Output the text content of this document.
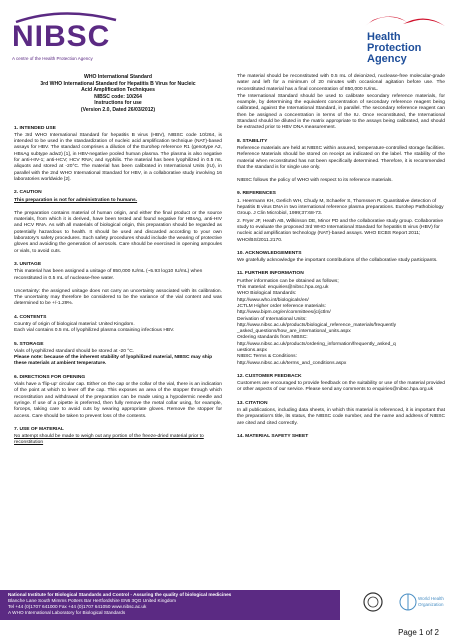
NIBSC
A centre of the Health Protection Agency
Health
Protection
Agency
WHO International Standard
3rd WHO International Standard for Hepatitis B Virus for Nucleic
Acid Amplification Techniques
NIBSC code: 10/264
Instructions for use
(Version 2.0, Dated 26/03/2012)
1. INTENDED USE

The 3rd WHO International Standard for hepatitis B virus (HBV), NIBSC code 10/264, is intended to be used in the standardization of nucleic acid amplification technique (NAT)-based assays for HBV. The standard comprises a dilution of the Eurohep reference R1 (genotype A2, HBsAg subtype adw2) [1], in HBV-negative pooled human plasma. The plasma is also negative for anti-HIV-1; anti-HCV; HCV RNA; and syphilis. The material has been lyophilized in 0.5 mL aliquots and stored at -20°C. The material has been calibrated in International Units (IU), in parallel with the 2nd WHO International Standard for HBV, in a collaborative study involving 16 laboratories worldwide [2].

2. CAUTION

This preparation is not for administration to humans.

The preparation contains material of human origin, and either the final product or the source materials, from which it is derived, have been tested and found negative for HBsAg, anti-HIV and HCV RNA. As with all materials of biological origin, this preparation should be regarded as potentially hazardous to health. It should be used and discarded according to your own laboratory's safety procedures. Such safety procedures should include the wearing of protective gloves and avoiding the generation of aerosols. Care should be exercised in opening ampoules or vials, to avoid cuts.

3. UNITAGE

This material has been assigned a unitage of 850,000 IU/mL (~5.93 log10 IU/mL) when reconstituted in 0.5 mL of nuclease-free water.

Uncertainty: the assigned unitage does not carry an uncertainty associated with its calibration. The uncertainty may therefore be considered to be the variance of the vial content and was determined to be +/-1.29%.

4. CONTENTS

Country of origin of biological material: United Kingdom.
Each vial contains 0.5 mL of lyophilized plasma containing infectious HBV.

5. STORAGE

Vials of lyophilized standard should be stored at -20 °C.

Please note: because of the inherent stability of lyophilized material, NIBSC may ship these materials at ambient temperature.

6. DIRECTIONS FOR OPENING

Vials have a 'flip-up' circular cap. Either on the cap or the collar of the vial, there is an indication of the point at which to lever off the cap. This exposes an area of the stopper through which reconstitution and withdrawal of the preparation can be made using a hypodermic needle and syringe. If use of a pipette is preferred, then fully remove the metal collar using, for example, forceps, taking care to avoid cuts by wearing appropriate gloves. Remove the stopper for access. Care should be taken to prevent loss of the contents.

7. USE OF MATERIAL

No attempt should be made to weigh out any portion of the freeze-dried material prior to reconstitution

The material should be reconstituted with 0.5 mL of deionized, nuclease-free molecular-grade water and left for a minimum of 20 minutes with occasional agitation before use. The reconstituted material has a final concentration of 850,000 IU/mL.

The International Standard should be used to calibrate secondary reference materials, for example, by determining the equivalent concentration of secondary reference reagent being calibrated, against the International Standard, in parallel. The secondary reference reagent can then be assigned a concentration in terms of the IU. Once reconstituted, the International Standard should be diluted in the matrix appropriate to the assays being calibrated, and should be extracted prior to HBV DNA measurement.

8. STABILITY

Reference materials are held at NIBSC within assured, temperature-controlled storage facilities. Reference Materials should be stored on receipt as indicated on the label. The stability of the material when reconstituted has not been specifically determined. Therefore, it is recommended that the standard is for single use only.

NIBSC follows the policy of WHO with respect to its reference materials.

9. REFERENCES

1. Heermann KH, Gerlich WH, Chudy M, Schaefer S, Thomssen R. Quantitative detection of hepatitis B virus DNA in two international reference plasma preparations. Eurohep Pathobiology Group. J Clin Microbiol, 1999;37:68-73.

2. Fryer JF, Heath AB, Wilkinson DE, Minor PD and the collaborative study group. Collaborative study to evaluate the proposed 3rd WHO International Standard for hepatitis B virus (HBV) for nucleic acid amplification technology (NAT)-based assays. WHO ECBS Report 2011; WHO/BS/2011.2170.

10. ACKNOWLEDGEMENTS

We gratefully acknowledge the important contributions of the collaborative study participants.

11. FURTHER INFORMATION
Further information can be obtained as follows;
This material: enquiries@nibsc.hpa.org.uk
WHO Biological Standards:
http://www.who.int/biologicals/en/
JCTLM Higher order reference materials:
http://www.bipm.org/en/committees/jc/jctlm/
Derivation of International Units:
http://www.nibsc.ac.uk/products/biological_reference_materials/frequently
_asked_questions/how_are_international_units.aspx
Ordering standards from NIBSC:
http://www.nibsc.ac.uk/products/ordering_information/frequently_asked_q
uestions.aspx
NIBSC Terms & Conditions:
http://www.nibsc.ac.uk/terms_and_conditions.aspx
12. CUSTOMER FEEDBACK

Customers are encouraged to provide feedback on the suitability or use of the material provided or other aspects of our service. Please send any comments to enquiries@nibsc.hpa.org.uk

13. CITATION

In all publications, including data sheets, in which this material is referenced, it is important that the preparation's title, its status, the NIBSC code number, and the name and address of NIBSC are cited and cited correctly.

14. MATERIAL SAFETY SHEET
National Institute for Biological Standards and Control - Assuring the quality of biological medicines
Blanche Lane South Mimms Potters Bar Hertfordshire EN6 3QG United Kingdom
Tel +44 (0)1707 641000 Fax +44 (0)1707 641050 www.nibsc.ac.uk
A WHO International Laboratory for Biological Standards
World Health
Organization
Page 1 of 2
